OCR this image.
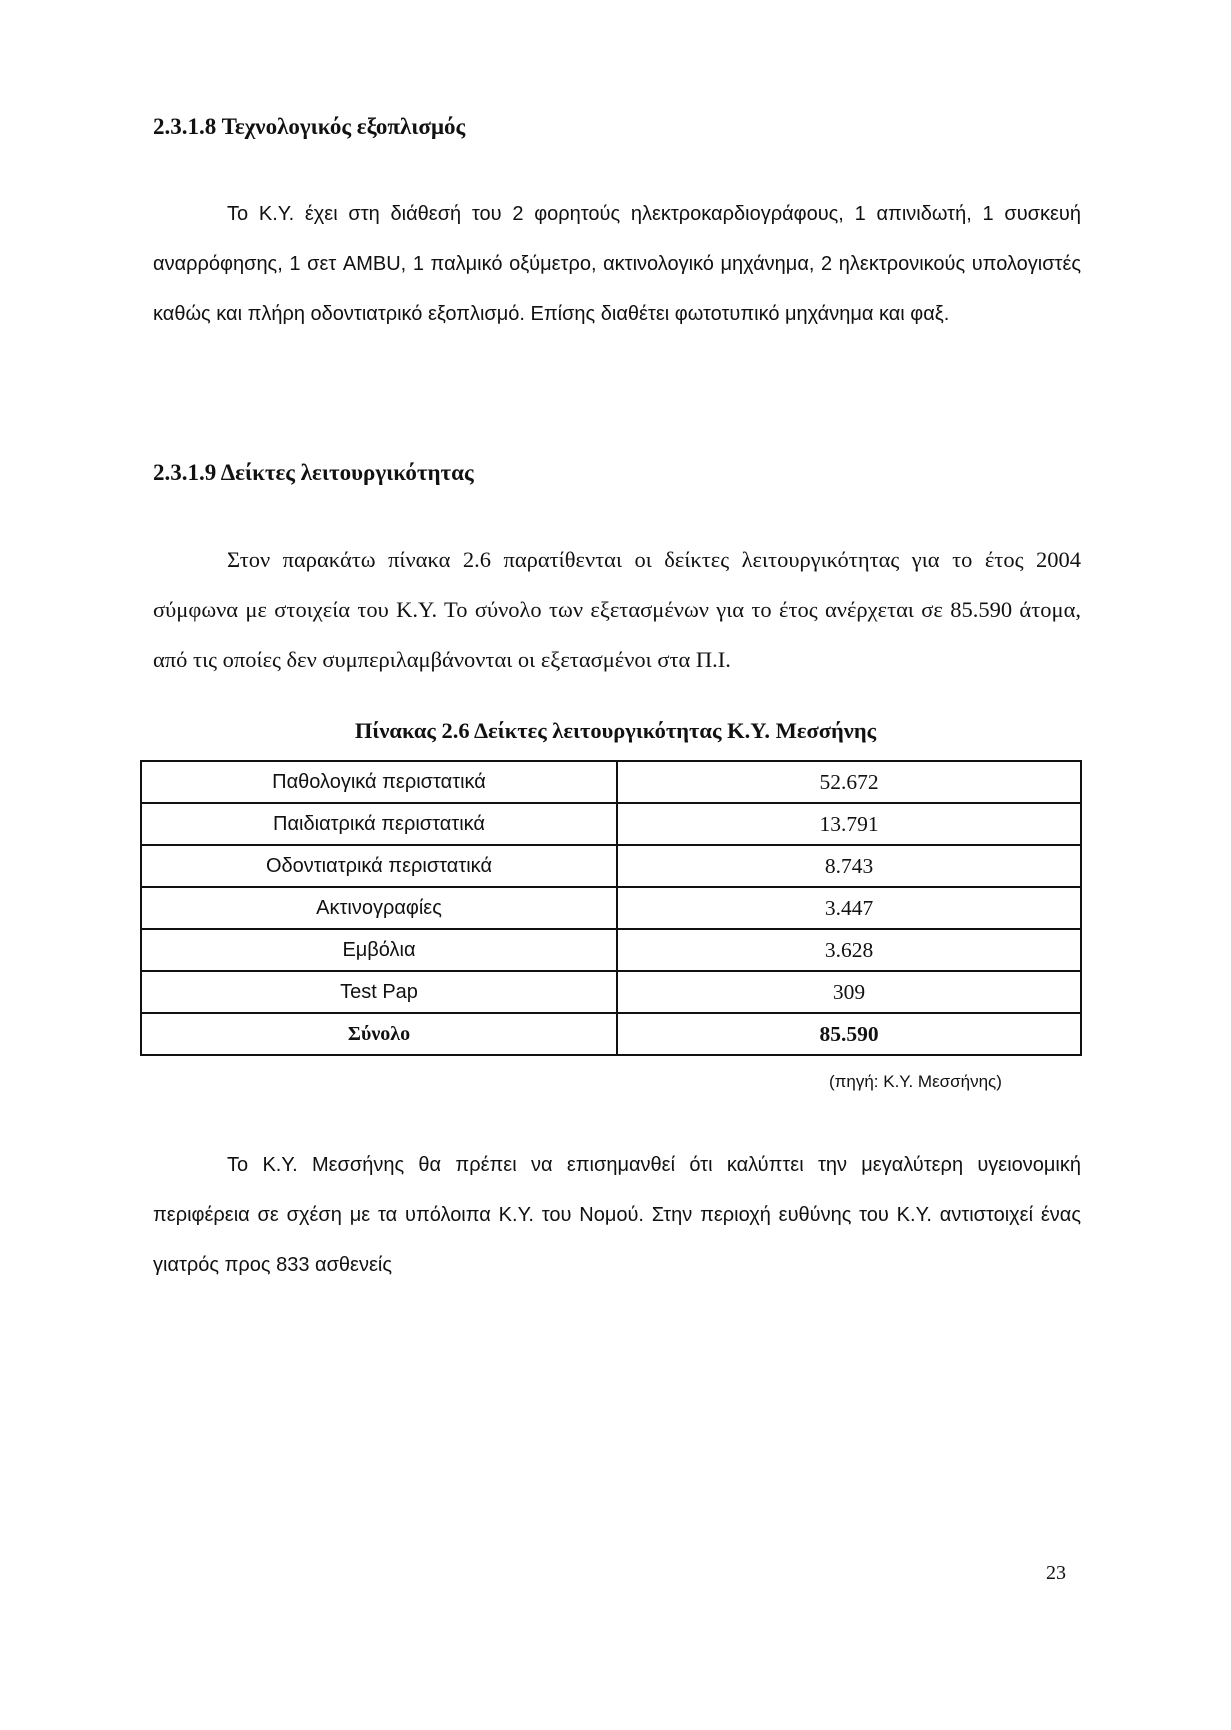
2.3.1.8 Τεχνολογικός εξοπλισμός
Το Κ.Υ. έχει στη διάθεσή του 2 φορητούς ηλεκτροκαρδιογράφους, 1 απινιδωτή, 1 συσκευή αναρρόφησης, 1 σετ AMBU, 1 παλμικό οξύμετρο, ακτινολογικό μηχάνημα, 2 ηλεκτρονικούς υπολογιστές καθώς και πλήρη οδοντιατρικό εξοπλισμό. Επίσης διαθέτει φωτοτυπικό μηχάνημα και φαξ.
2.3.1.9 Δείκτες λειτουργικότητας
Στον παρακάτω πίνακα 2.6 παρατίθενται οι δείκτες λειτουργικότητας για το έτος 2004 σύμφωνα με στοιχεία του Κ.Υ. Το σύνολο των εξετασμένων για το έτος ανέρχεται σε 85.590 άτομα, από τις οποίες δεν συμπεριλαμβάνονται οι εξετασμένοι στα Π.Ι.
Πίνακας 2.6 Δείκτες λειτουργικότητας Κ.Υ. Μεσσήνης
Παθολογικά περιστατικά	52.672
Παιδιατρικά περιστατικά	13.791
Οδοντιατρικά περιστατικά	8.743
Ακτινογραφίες	3.447
Εμβόλια	3.628
Test Pap	309
Σύνολο	85.590
(πηγή: Κ.Υ. Μεσσήνης)
Το Κ.Υ. Μεσσήνης θα πρέπει να επισημανθεί ότι καλύπτει την μεγαλύτερη υγειονομική περιφέρεια σε σχέση με τα υπόλοιπα Κ.Υ. του Νομού. Στην περιοχή ευθύνης του Κ.Υ. αντιστοιχεί ένας γιατρός προς 833 ασθενείς
23
